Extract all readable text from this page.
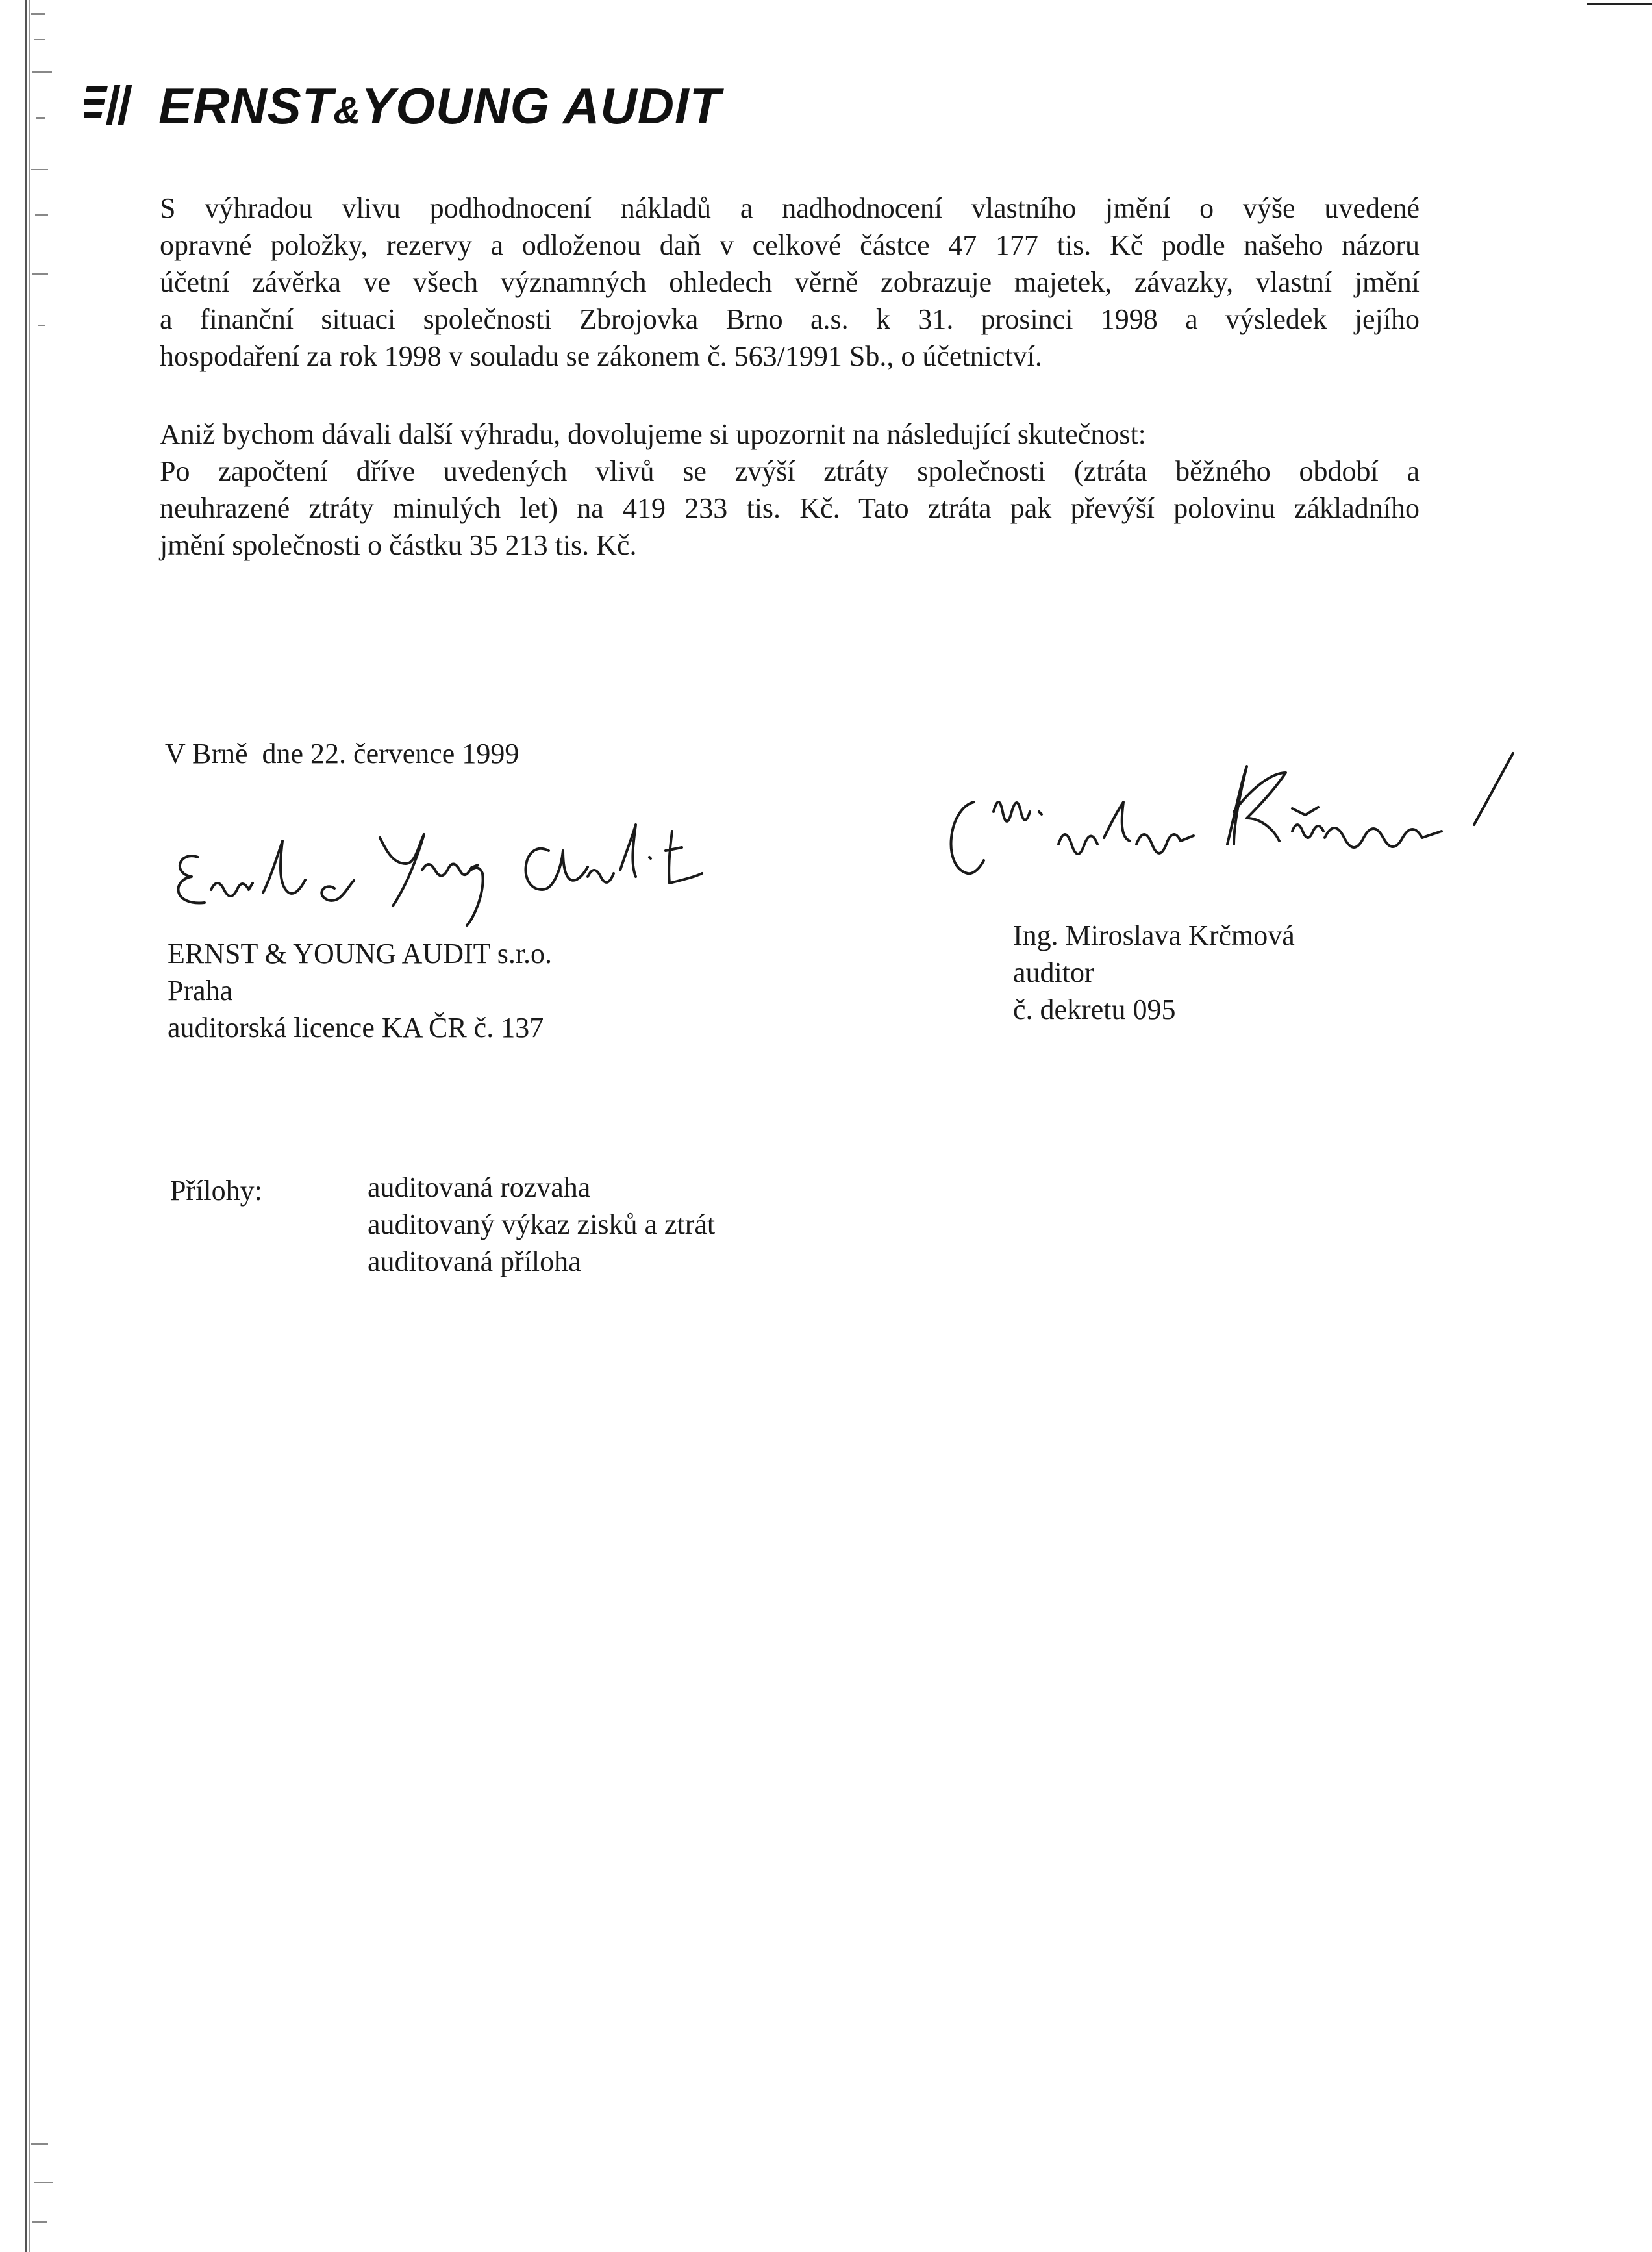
ERNST&YOUNG AUDIT

S výhradou vlivu podhodnocení nákladů a nadhodnocení vlastního jmění o výše uvedené
opravné položky, rezervy a odloženou daň v celkové částce 47 177 tis. Kč podle našeho názoru
účetní závěrka ve všech významných ohledech věrně zobrazuje majetek, závazky, vlastní jmění
a finanční situaci společnosti Zbrojovka Brno a.s. k 31. prosinci 1998 a výsledek jejího
hospodaření za rok 1998 v souladu se zákonem č. 563/1991 Sb., o účetnictví.

Aniž bychom dávali další výhradu, dovolujeme si upozornit na následující skutečnost:
Po započtení dříve uvedených vlivů se zvýší ztráty společnosti (ztráta běžného období a
neuhrazené ztráty minulých let) na 419 233 tis. Kč. Tato ztráta pak převýší polovinu základního
jmění společnosti o částku 35 213 tis. Kč.

V Brně  dne 22. července 1999
ERNST & YOUNG AUDIT s.r.o.
Praha
auditorská licence KA ČR č. 137
Ing. Miroslava Krčmová
auditor
č. dekretu 095
Přílohy:	auditovaná rozvaha
auditovaný výkaz zisků a ztrát
auditovaná příloha
